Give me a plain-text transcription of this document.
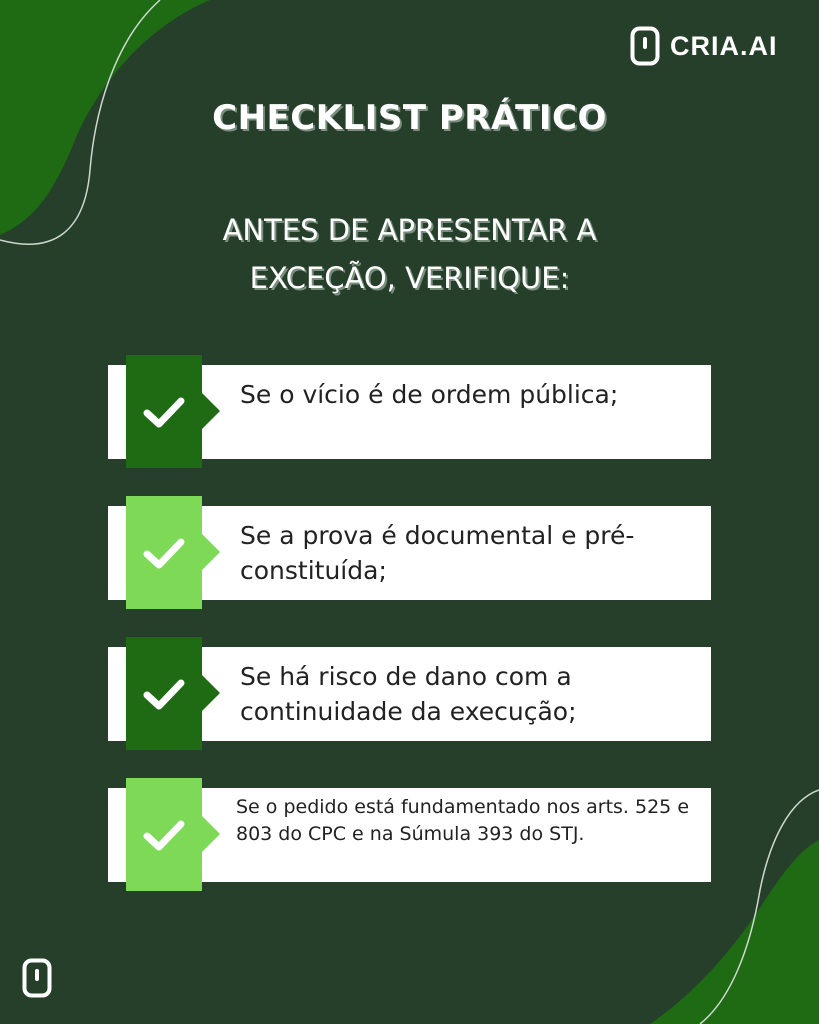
CRIA.AI
CHECKLIST PRÁTICO

ANTES DE APRESENTAR A
EXCEÇÃO, VERIFIQUE:

Se o vício é de ordem pública;

Se a prova é documental e pré-constituída;

Se há risco de dano com a continuidade da execução;

Se o pedido está fundamentado nos arts. 525 e 803 do CPC e na Súmula 393 do STJ.
